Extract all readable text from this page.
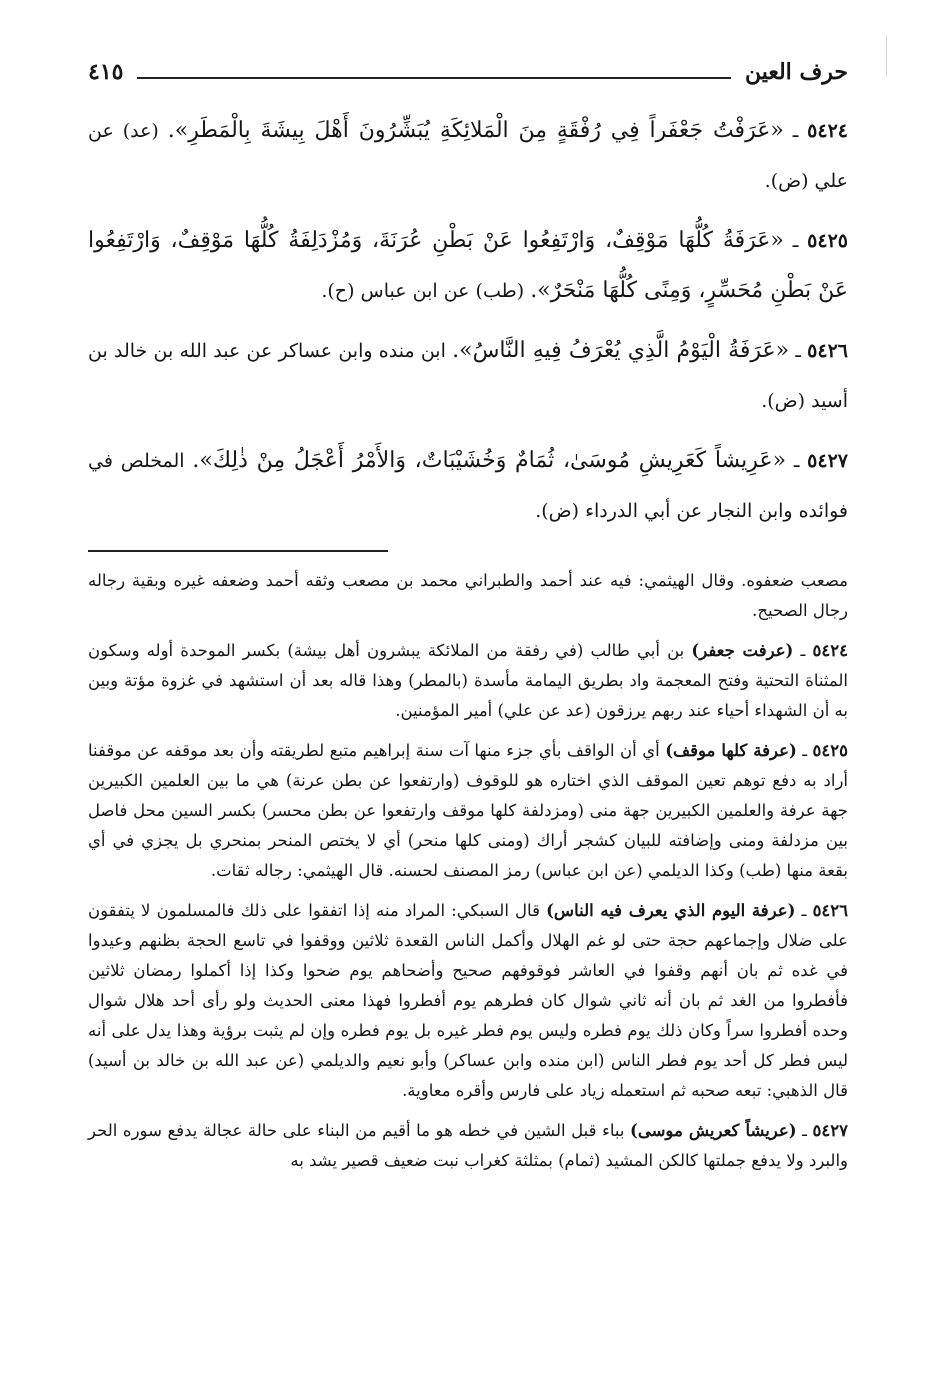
حرف العين
٤١٥

٥٤٢٤ ـ «عَرَفْتُ جَعْفَراً فِي رُفْقَةٍ مِنَ الْمَلائِكَةِ يُبَشِّرُونَ أَهْلَ بِيشَةَ بِالْمَطَرِ». (عد) عن علي (ض).

٥٤٢٥ ـ «عَرَفَةُ كُلُّهَا مَوْقِفٌ، وَارْتَفِعُوا عَنْ بَطْنِ عُرَنَةَ، وَمُزْدَلِفَةُ كُلُّهَا مَوْقِفٌ، وَارْتَفِعُوا عَنْ بَطْنِ مُحَسِّرٍ، وَمِنًى كُلُّهَا مَنْحَرٌ». (طب) عن ابن عباس (ح).

٥٤٢٦ ـ «عَرَفَةُ الْيَوْمُ الَّذِي يُعْرَفُ فِيهِ النَّاسُ». ابن منده وابن عساكر عن عبد الله بن خالد بن أسيد (ض).

٥٤٢٧ ـ «عَرِيشاً كَعَرِيشِ مُوسَىٰ، ثُمَامٌ وَخُشَيْبَاتٌ، وَالأَمْرُ أَعْجَلُ مِنْ ذٰلِكَ». المخلص في فوائده وابن النجار عن أبي الدرداء (ض).

مصعب ضعفوه. وقال الهيثمي: فيه عند أحمد والطبراني محمد بن مصعب وثقه أحمد وضعفه غيره وبقية رجاله رجال الصحيح.

٥٤٢٤ ـ (عرفت جعفر) بن أبي طالب (في رفقة من الملائكة يبشرون أهل بيشة) بكسر الموحدة أوله وسكون المثناة التحتية وفتح المعجمة واد بطريق اليمامة مأسدة (بالمطر) وهذا قاله بعد أن استشهد في غزوة مؤتة وبين به أن الشهداء أحياء عند ربهم يرزقون (عد عن علي) أمير المؤمنين.

٥٤٢٥ ـ (عرفة كلها موقف) أي أن الواقف بأي جزء منها آت سنة إبراهيم متبع لطريقته وأن بعد موقفه عن موقفنا أراد به دفع توهم تعين الموقف الذي اختاره هو للوقوف (وارتفعوا عن بطن عرنة) هي ما بين العلمين الكبيرين جهة عرفة والعلمين الكبيرين جهة منى (ومزدلفة كلها موقف وارتفعوا عن بطن محسر) بكسر السين محل فاصل بين مزدلفة ومنى وإضافته للبيان كشجر أراك (ومنى كلها منحر) أي لا يختص المنحر بمنحري بل يجزي في أي بقعة منها (طب) وكذا الديلمي (عن ابن عباس) رمز المصنف لحسنه. قال الهيثمي: رجاله ثقات.

٥٤٢٦ ـ (عرفة اليوم الذي يعرف فيه الناس) قال السبكي: المراد منه إذا اتفقوا على ذلك فالمسلمون لا يتفقون على ضلال وإجماعهم حجة حتى لو غم الهلال وأكمل الناس القعدة ثلاثين ووقفوا في تاسع الحجة بظنهم وعيدوا في غده ثم بان أنهم وقفوا في العاشر فوقوفهم صحيح وأضحاهم يوم ضحوا وكذا إذا أكملوا رمضان ثلاثين فأفطروا من الغد ثم بان أنه ثاني شوال كان فطرهم يوم أفطروا فهذا معنى الحديث ولو رأى أحد هلال شوال وحده أفطروا سراً وكان ذلك يوم فطره وليس يوم فطر غيره بل يوم فطره وإن لم يثبت برؤية وهذا يدل على أنه ليس فطر كل أحد يوم فطر الناس (ابن منده وابن عساكر) وأبو نعيم والديلمي (عن عبد الله بن خالد بن أسيد) قال الذهبي: تبعه صحبه ثم استعمله زياد على فارس وأقره معاوية.

٥٤٢٧ ـ (عريشاً كعريش موسى) بباء قبل الشين في خطه هو ما أقيم من البناء على حالة عجالة يدفع سوره الحر والبرد ولا يدفع جملتها كالكن المشيد (ثمام) بمثلثة كغراب نبت ضعيف قصير يشد به
